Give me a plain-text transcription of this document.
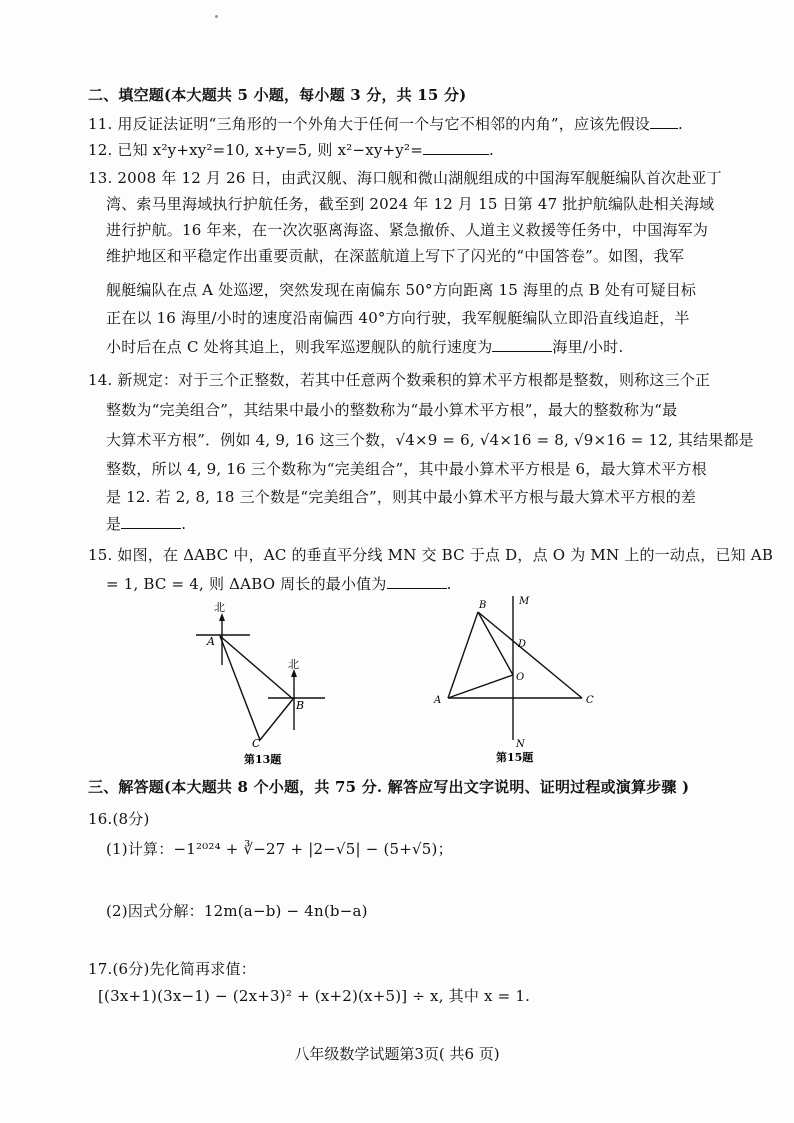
二、填空题(本大题共 5 小题，每小题 3 分，共 15 分)
11. 用反证法证明“三角形的一个外角大于任何一个与它不相邻的内角”，应该先假设 .
12. 已知 x²y+xy²=10, x+y=5, 则 x²−xy+y²=	.
13. 2008 年 12 月 26 日，由武汉舰、海口舰和微山湖舰组成的中国海军舰艇编队首次赴亚丁
湾、索马里海域执行护航任务，截至到 2024 年 12 月 15 日第 47 批护航编队赴相关海域
进行护航。16 年来，在一次次驱离海盗、紧急撤侨、人道主义救援等任务中，中国海军为
维护地区和平稳定作出重要贡献，在深蓝航道上写下了闪光的“中国答卷”。如图，我军
舰艇编队在点 A 处巡逻，突然发现在南偏东 50°方向距离 15 海里的点 B 处有可疑目标
正在以 16 海里/小时的速度沿南偏西 40°方向行驶，我军舰艇编队立即沿直线追赶，半
小时后在点 C 处将其追上，则我军巡逻舰队的航行速度为	海里/小时.
14. 新规定：对于三个正整数，若其中任意两个数乘积的算术平方根都是整数，则称这三个正
整数为“完美组合”，其结果中最小的整数称为“最小算术平方根”，最大的整数称为“最
大算术平方根”．例如 4, 9, 16 这三个数，√4×9 = 6, √4×16 = 8, √9×16 = 12, 其结果都是
整数，所以 4, 9, 16 三个数称为“完美组合”，其中最小算术平方根是 6，最大算术平方根
是 12. 若 2, 8, 18 三个数是“完美组合”，则其中最小算术平方根与最大算术平方根的差
是	.
15. 如图，在 ΔABC 中，AC 的垂直平分线 MN 交 BC 于点 D，点 O 为 MN 上的一动点，已知 AB
= 1, BC = 4, 则 ΔABO 周长的最小值为	.
北
北
A
B
C
第13题
M
B
D
O
A	C
N
第15题
三、解答题(本大题共 8 个小题，共 75 分. 解答应写出文字说明、证明过程或演算步骤 )
16.(8分)
(1)计算：−1²⁰²⁴ + ∛−27 + |2−√5| − (5+√5)；
(2)因式分解：12m(a−b) − 4n(b−a)
17.(6分)先化简再求值：
[(3x+1)(3x−1) − (2x+3)² + (x+2)(x+5)] ÷ x, 其中 x = 1.
八年级数学试题第3页( 共6 页)
